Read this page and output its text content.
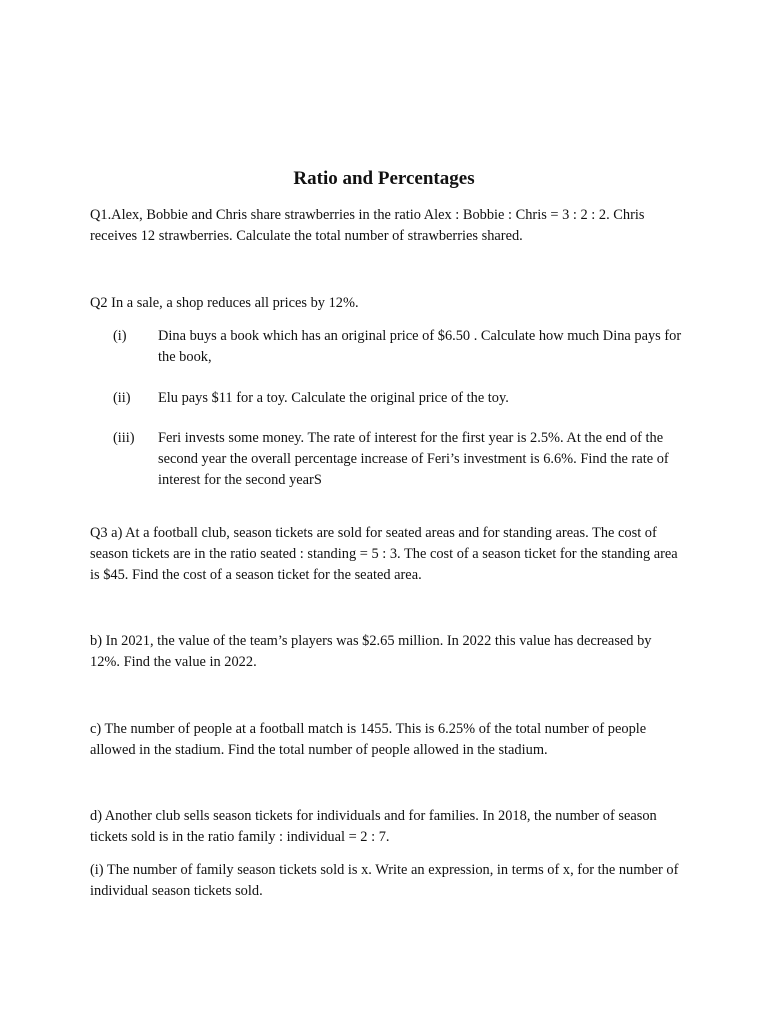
Ratio and Percentages

Q1.Alex, Bobbie and Chris share strawberries in the ratio Alex : Bobbie : Chris = 3 : 2 : 2. Chris receives 12 strawberries. Calculate the total number of strawberries shared.

Q2 In a sale, a shop reduces all prices by 12%.

(i)	Dina buys a book which has an original price of $6.50 . Calculate how much Dina pays for the book,

(ii)	Elu pays $11 for a toy. Calculate the original price of the toy.

(iii)	Feri invests some money. The rate of interest for the first year is 2.5%. At the end of the second year the overall percentage increase of Feri’s investment is 6.6%. Find the rate of interest for the second yearS

Q3 a) At a football club, season tickets are sold for seated areas and for standing areas. The cost of season tickets are in the ratio seated : standing = 5 : 3. The cost of a season ticket for the standing area is $45. Find the cost of a season ticket for the seated area.

b) In 2021, the value of the team’s players was $2.65 million. In 2022 this value has decreased by 12%. Find the value in 2022.

c) The number of people at a football match is 1455. This is 6.25% of the total number of people allowed in the stadium. Find the total number of people allowed in the stadium.

d) Another club sells season tickets for individuals and for families. In 2018, the number of season tickets sold is in the ratio family : individual = 2 : 7.

(i) The number of family season tickets sold is x. Write an expression, in terms of x, for the number of individual season tickets sold.
